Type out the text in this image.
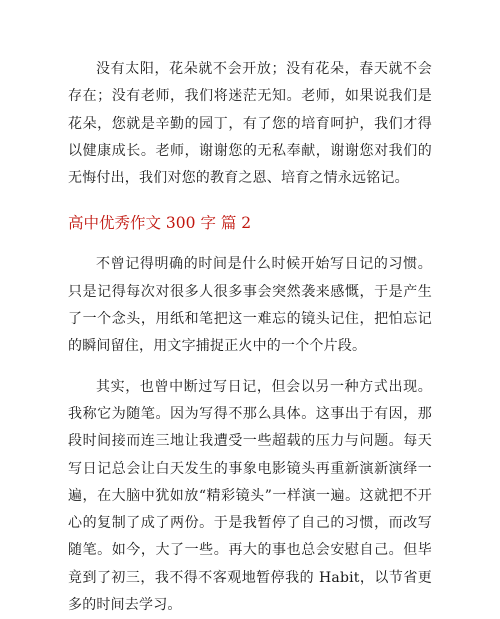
没有太阳，花朵就不会开放；没有花朵，春天就不会存在；没有老师，我们将迷茫无知。老师，如果说我们是花朵，您就是辛勤的园丁，有了您的培育呵护，我们才得以健康成长。老师，谢谢您的无私奉献，谢谢您对我们的无悔付出，我们对您的教育之恩、培育之情永远铭记。

高中优秀作文 300 字 篇 2

不曾记得明确的时间是什么时候开始写日记的习惯。只是记得每次对很多人很多事会突然袭来感慨，于是产生了一个念头，用纸和笔把这一难忘的镜头记住，把怕忘记的瞬间留住，用文字捕捉正火中的一个个片段。

其实，也曾中断过写日记，但会以另一种方式出现。我称它为随笔。因为写得不那么具体。这事出于有因，那段时间接而连三地让我遭受一些超载的压力与问题。每天写日记总会让白天发生的事象电影镜头再重新演新演绎一遍，在大脑中犹如放“精彩镜头”一样演一遍。这就把不开心的复制了成了两份。于是我暂停了自己的习惯，而改写随笔。如今，大了一些。再大的事也总会安慰自己。但毕竟到了初三，我不得不客观地暂停我的 Habit，以节省更多的时间去学习。
